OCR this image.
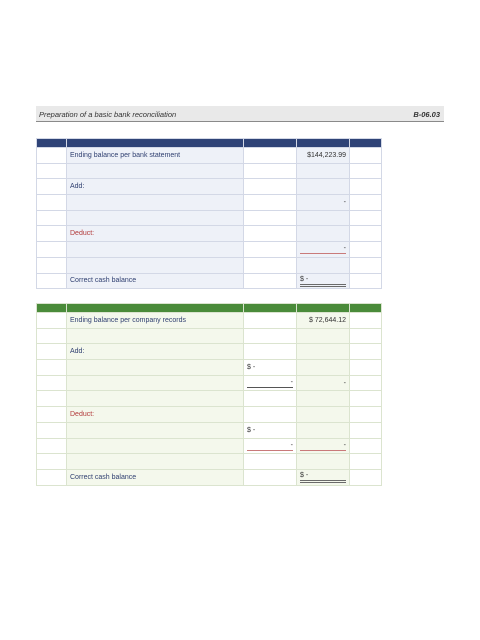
Preparation of a basic bank reconciliation	B-06.03

	Ending balance per bank statement		$144,223.99	

	Add:			
			-	

	Deduct:			

			-	

	Correct cash balance		$ -	

	Ending balance per company records		$ 72,644.12	

	Add:			

		$ -		

		-	-	

	Deduct:			

		$ -		

		-	-	

	Correct cash balance		$ -	
